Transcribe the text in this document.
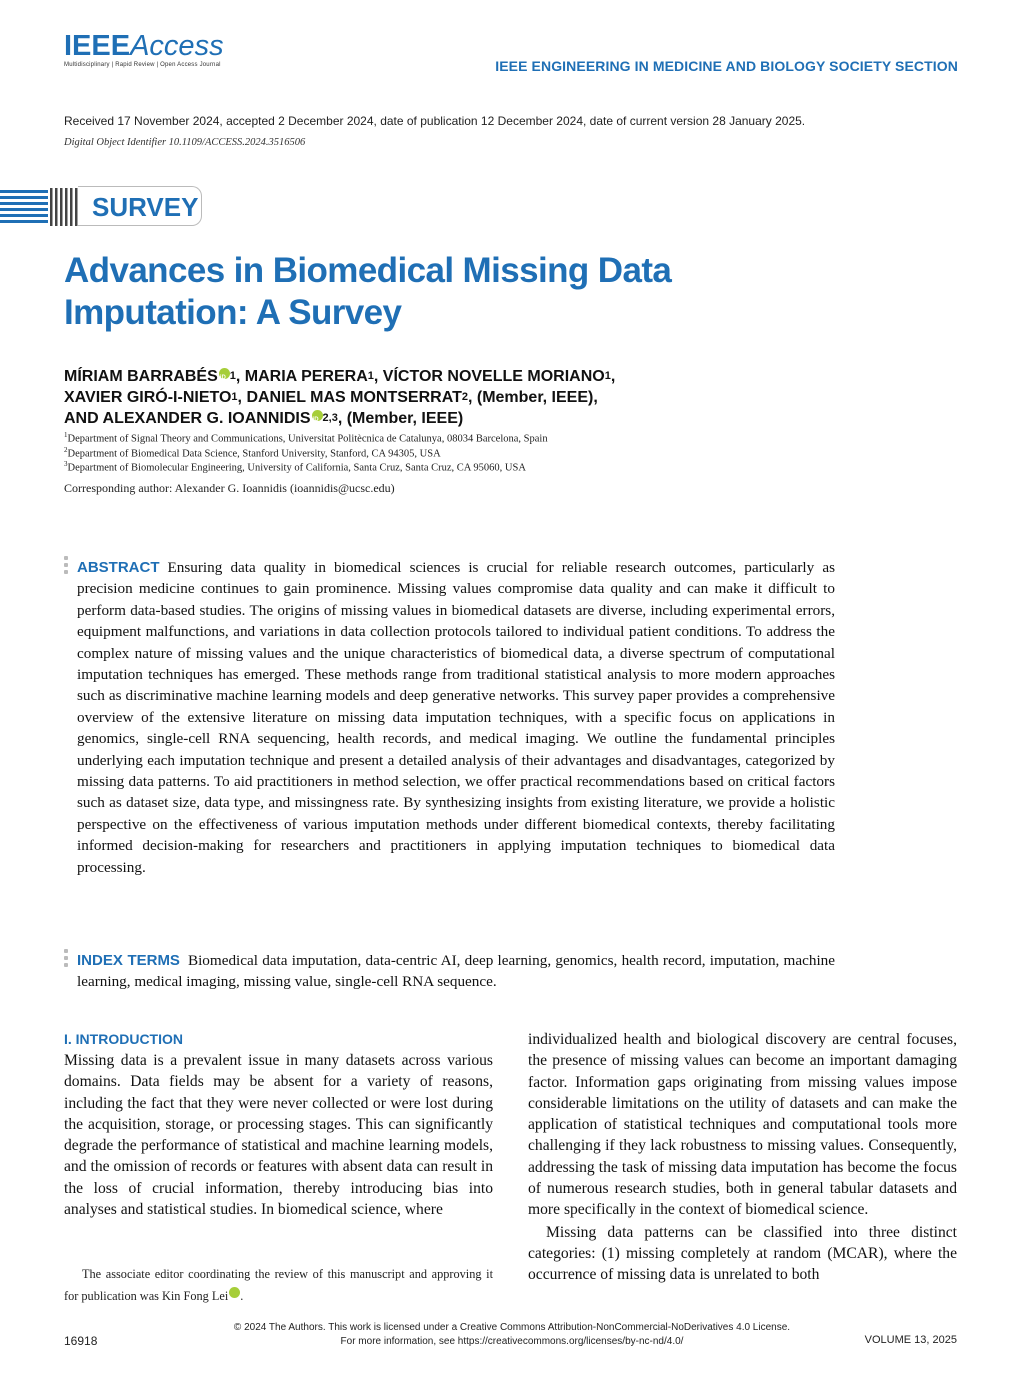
IEEEAccess
Multidisciplinary | Rapid Review | Open Access Journal	IEEE ENGINEERING IN MEDICINE AND BIOLOGY SOCIETY SECTION
Received 17 November 2024, accepted 2 December 2024, date of publication 12 December 2024, date of current version 28 January 2025.
Digital Object Identifier 10.1109/ACCESS.2024.3516506
SURVEY
Advances in Biomedical Missing Data
Imputation: A Survey
MÍRIAM BARRABÉS iD $^1$, MARIA PERERA$^1$, VÍCTOR NOVELLE MORIANO$^1$,
XAVIER GIRÓ-I-NIETO$^1$, DANIEL MAS MONTSERRAT$^2$, (Member, IEEE),
AND ALEXANDER G. IOANNIDIS iD $^{2,3}$, (Member, IEEE)
$^1$Department of Signal Theory and Communications, Universitat Politècnica de Catalunya, 08034 Barcelona, Spain
$^2$Department of Biomedical Data Science, Stanford University, Stanford, CA 94305, USA
$^3$Department of Biomolecular Engineering, University of California, Santa Cruz, Santa Cruz, CA 95060, USA
Corresponding author: Alexander G. Ioannidis (ioannidis@ucsc.edu)
ABSTRACT Ensuring data quality in biomedical sciences is crucial for reliable research outcomes, particularly as precision medicine continues to gain prominence. Missing values compromise data quality and can make it difficult to perform data-based studies. The origins of missing values in biomedical datasets are diverse, including experimental errors, equipment malfunctions, and variations in data collection protocols tailored to individual patient conditions. To address the complex nature of missing values and the unique characteristics of biomedical data, a diverse spectrum of computational imputation techniques has emerged. These methods range from traditional statistical analysis to more modern approaches such as discriminative machine learning models and deep generative networks. This survey paper provides a comprehensive overview of the extensive literature on missing data imputation techniques, with a specific focus on applications in genomics, single-cell RNA sequencing, health records, and medical imaging. We outline the fundamental principles underlying each imputation technique and present a detailed analysis of their advantages and disadvantages, categorized by missing data patterns. To aid practitioners in method selection, we offer practical recommendations based on critical factors such as dataset size, data type, and missingness rate. By synthesizing insights from existing literature, we provide a holistic perspective on the effectiveness of various imputation methods under different biomedical contexts, thereby facilitating informed decision-making for researchers and practitioners in applying imputation techniques to biomedical data processing.
INDEX TERMS Biomedical data imputation, data-centric AI, deep learning, genomics, health record, imputation, machine learning, medical imaging, missing value, single-cell RNA sequence.
I. INTRODUCTION
Missing data is a prevalent issue in many datasets across various domains. Data fields may be absent for a variety of reasons, including the fact that they were never collected or were lost during the acquisition, storage, or processing stages. This can significantly degrade the performance of statistical and machine learning models, and the omission of records or features with absent data can result in the loss of crucial information, thereby introducing bias into analyses and statistical studies. In biomedical science, where

individualized health and biological discovery are central focuses, the presence of missing values can become an important damaging factor. Information gaps originating from missing values impose considerable limitations on the utility of datasets and can make the application of statistical techniques and computational tools more challenging if they lack robustness to missing values. Consequently, addressing the task of missing data imputation has become the focus of numerous research studies, both in general tabular datasets and more specifically in the context of biomedical science.

Missing data patterns can be classified into three distinct categories: (1) missing completely at random (MCAR), where the occurrence of missing data is unrelated to both

The associate editor coordinating the review of this manuscript and approving it for publication was Kin Fong LeiiD
16918
© 2024 The Authors. This work is licensed under a Creative Commons Attribution-NonCommercial-NoDerivatives 4.0 License.
For more information, see https://creativecommons.org/licenses/by-nc-nd/4.0/	VOLUME 13, 2025
